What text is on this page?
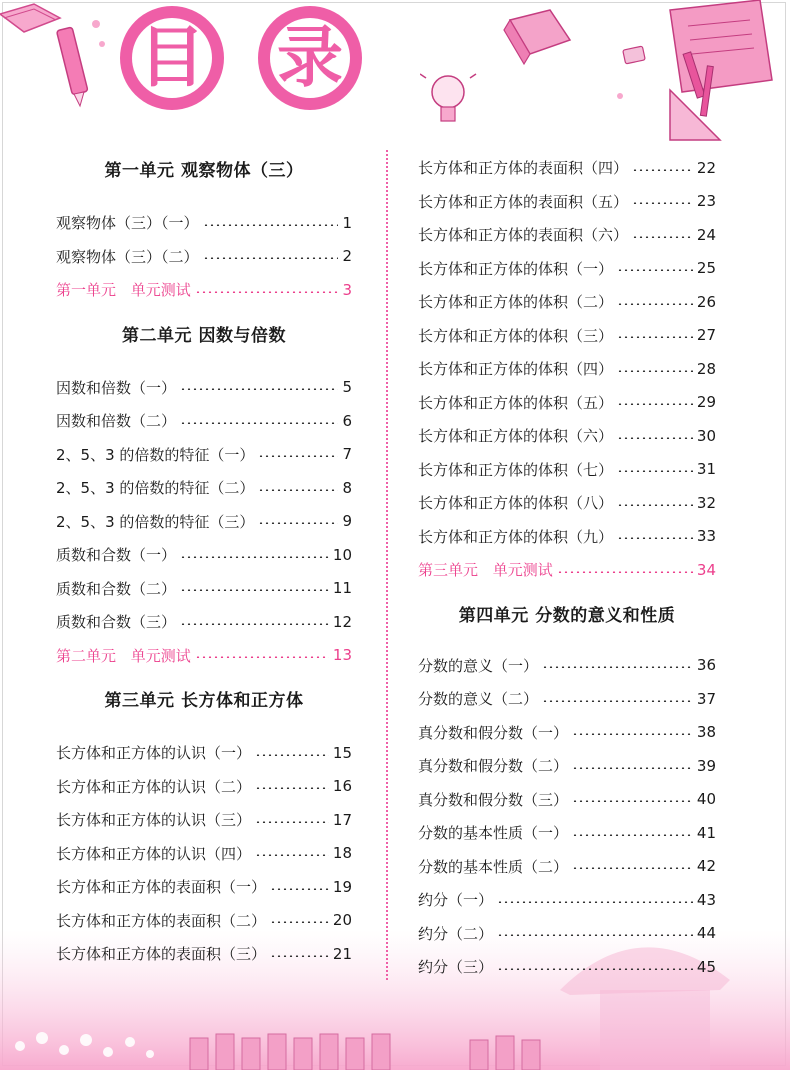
目 录
第一单元 观察物体（三）
观察物体（三）（一）	1
观察物体（三）（二）	2
第一单元 单元测试	3
第二单元 因数与倍数
因数和倍数（一）	5
因数和倍数（二）	6
2、5、3 的倍数的特征（一）	7
2、5、3 的倍数的特征（二）	8
2、5、3 的倍数的特征（三）	9
质数和合数（一）	10
质数和合数（二）	11
质数和合数（三）	12
第二单元 单元测试	13
第三单元 长方体和正方体
长方体和正方体的认识（一）	15
长方体和正方体的认识（二）	16
长方体和正方体的认识（三）	17
长方体和正方体的认识（四）	18
长方体和正方体的表面积（一）	19
长方体和正方体的表面积（二）	20
长方体和正方体的表面积（三）	21
长方体和正方体的表面积（四）	22
长方体和正方体的表面积（五）	23
长方体和正方体的表面积（六）	24
长方体和正方体的体积（一）	25
长方体和正方体的体积（二）	26
长方体和正方体的体积（三）	27
长方体和正方体的体积（四）	28
长方体和正方体的体积（五）	29
长方体和正方体的体积（六）	30
长方体和正方体的体积（七）	31
长方体和正方体的体积（八）	32
长方体和正方体的体积（九）	33
第三单元 单元测试	34
第四单元 分数的意义和性质
分数的意义（一）	36
分数的意义（二）	37
真分数和假分数（一）	38
真分数和假分数（二）	39
真分数和假分数（三）	40
分数的基本性质（一）	41
分数的基本性质（二）	42
约分（一）	43
约分（二）	44
约分（三）	45
